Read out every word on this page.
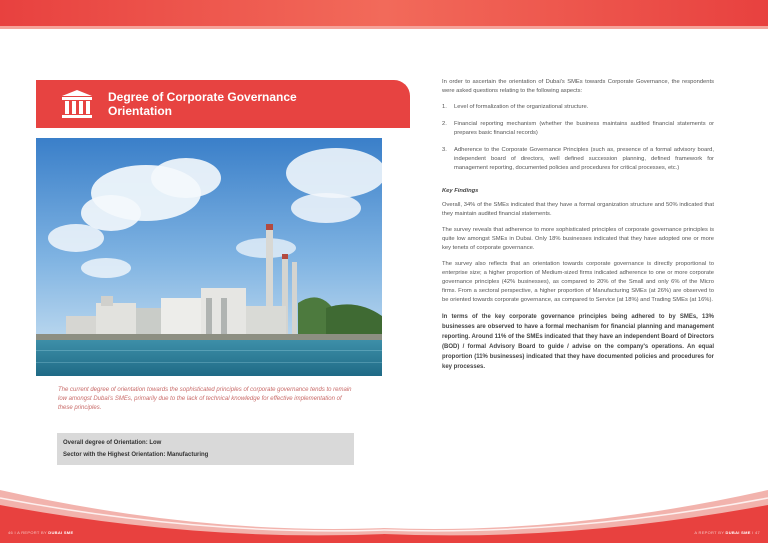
Degree of Corporate Governance
Orientation
The current degree of orientation towards the sophisticated principles of corporate governance tends to remain low amongst Dubai's SMEs, primarily due to the lack of technical knowledge for effective implementation of these principles.
Overall degree of Orientation: Low
Sector with the Highest Orientation: Manufacturing

In order to ascertain the orientation of Dubai's SMEs towards Corporate Governance, the respondents were asked questions relating to the following aspects:

1.	Level of formalization of the organizational structure.
2.	Financial reporting mechanism (whether the business maintains audited financial statements or prepares basic financial records)
3.	Adherence to the Corporate Governance Principles (such as, presence of a formal advisory board, independent board of directors, well defined succession planning, defined framework for management reporting, documented policies and procedures for critical processes, etc.)
Key Findings

Overall, 34% of the SMEs indicated that they have a formal organization structure and 50% indicated that they maintain audited financial statements.

The survey reveals that adherence to more sophisticated principles of corporate governance principles is quite low amongst SMEs in Dubai. Only 18% businesses indicated that they have adopted one or more key tenets of corporate governance.

The survey also reflects that an orientation towards corporate governance is directly proportional to enterprise size; a higher proportion of Medium-sized firms indicated adherence to one or more corporate governance principles (42% businesses), as compared to 20% of the Small and only 6% of the Micro firms. From a sectoral perspective, a higher proportion of Manufacturing SMEs (at 26%) are observed to be oriented towards corporate governance, as compared to Service (at 18%) and Trading SMEs (at 16%).

In terms of the key corporate governance principles being adhered to by SMEs, 13% businesses are observed to have a formal mechanism for financial planning and management reporting. Around 11% of the SMEs indicated that they have an independent Board of Directors (BOD) / formal Advisory Board to guide / advise on the company's operations. An equal proportion (11% businesses) indicated that they have documented policies and procedures for key processes.

46 I A REPORT BY DUBAI SME	A REPORT BY DUBAI SME I 47
